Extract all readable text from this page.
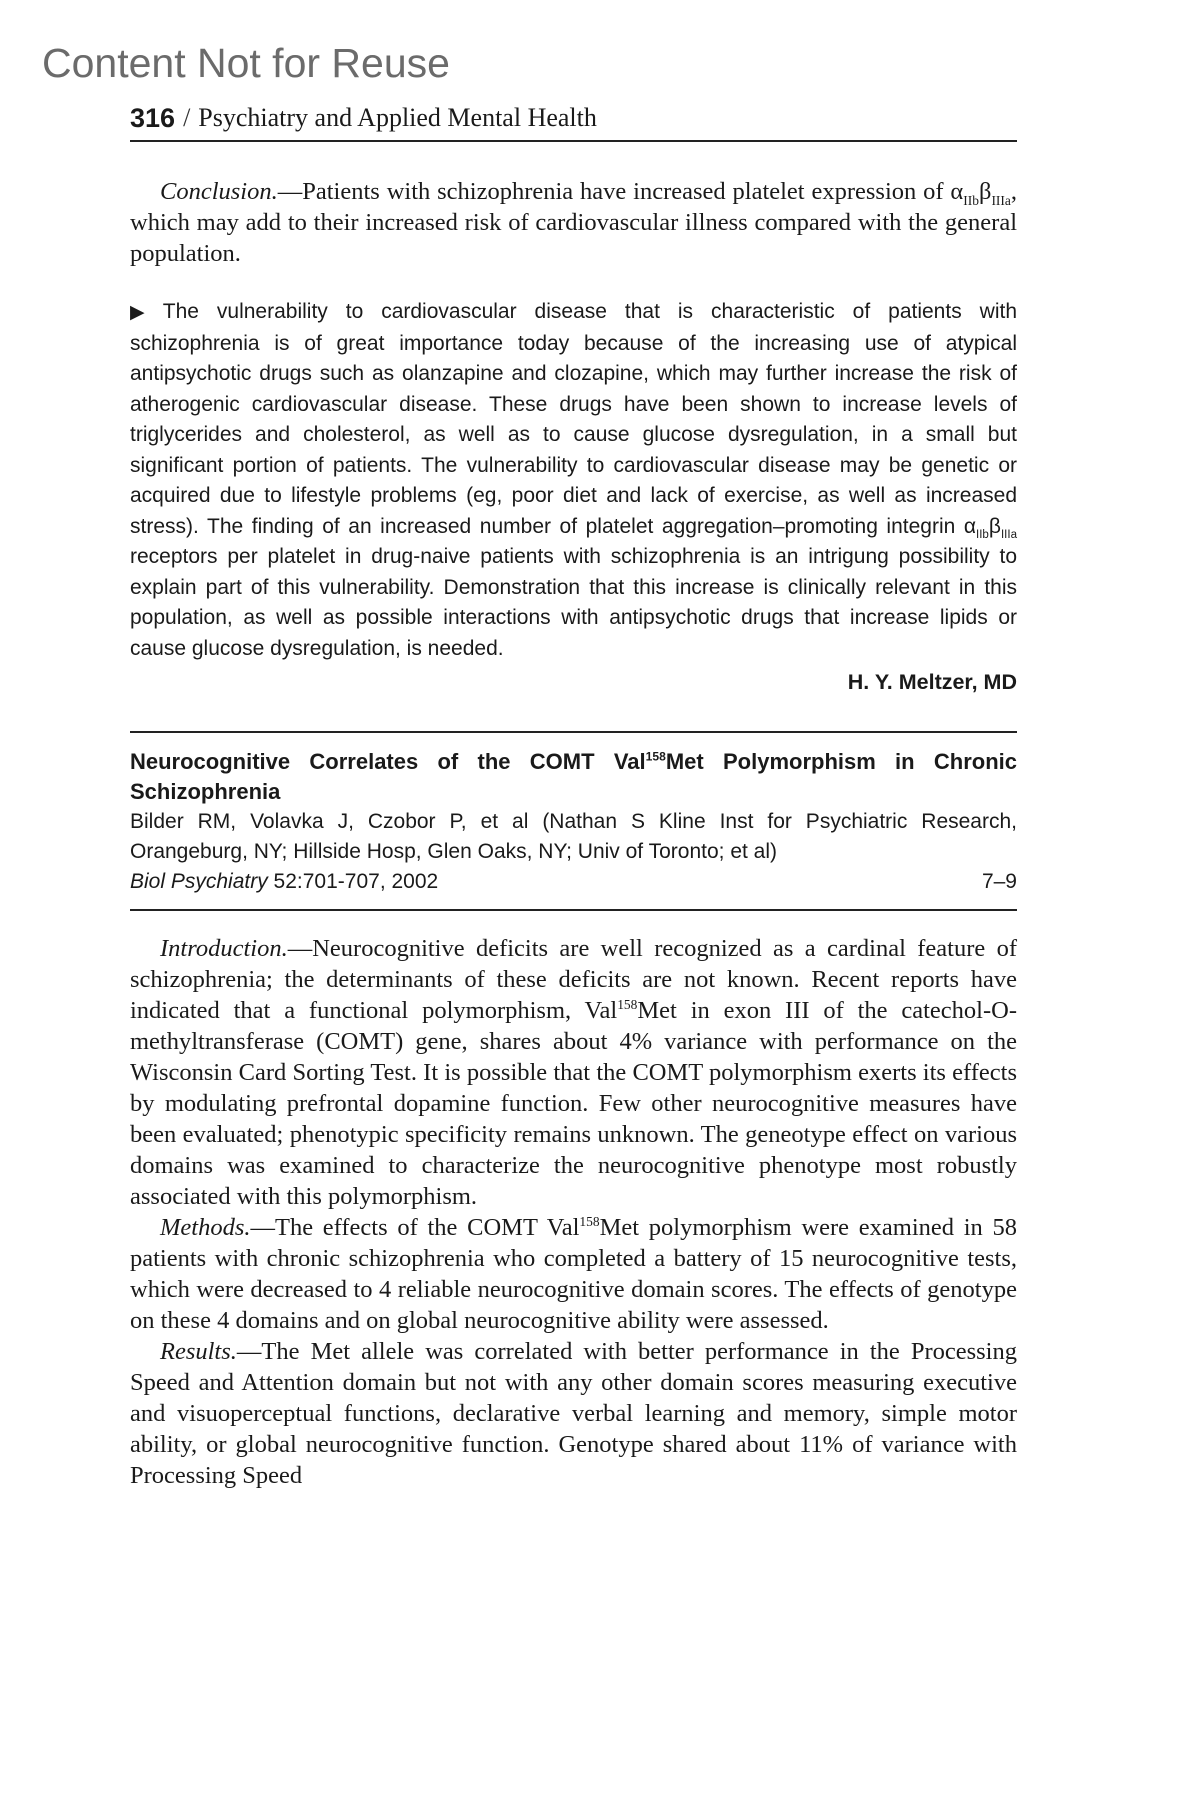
Content Not for Reuse
316 / Psychiatry and Applied Mental Health

Conclusion.—Patients with schizophrenia have increased platelet expression of $\alpha_{IIb}\beta_{IIIa}$, which may add to their increased risk of cardiovascular illness compared with the general population.

▶ The vulnerability to cardiovascular disease that is characteristic of patients with schizophrenia is of great importance today because of the increasing use of atypical antipsychotic drugs such as olanzapine and clozapine, which may further increase the risk of atherogenic cardiovascular disease. These drugs have been shown to increase levels of triglycerides and cholesterol, as well as to cause glucose dysregulation, in a small but significant portion of patients. The vulnerability to cardiovascular disease may be genetic or acquired due to lifestyle problems (eg, poor diet and lack of exercise, as well as increased stress). The finding of an increased number of platelet aggregation–promoting integrin $\alpha_{IIb}\beta_{IIIa}$ receptors per platelet in drug-naive patients with schizophrenia is an intrigung possibility to explain part of this vulnerability. Demonstration that this increase is clinically relevant in this population, as well as possible interactions with antipsychotic drugs that increase lipids or cause glucose dysregulation, is needed.

H. Y. Meltzer, MD
Neurocognitive Correlates of the COMT Val$^{158}$Met Polymorphism in Chronic Schizophrenia
Bilder RM, Volavka J, Czobor P, et al (Nathan S Kline Inst for Psychiatric Research, Orangeburg, NY; Hillside Hosp, Glen Oaks, NY; Univ of Toronto; et al)
Biol Psychiatry 52:701-707, 2002	7–9

Introduction.—Neurocognitive deficits are well recognized as a cardinal feature of schizophrenia; the determinants of these deficits are not known. Recent reports have indicated that a functional polymorphism, Val$^{158}$Met in exon III of the catechol-O-methyltransferase (COMT) gene, shares about 4% variance with performance on the Wisconsin Card Sorting Test. It is possible that the COMT polymorphism exerts its effects by modulating prefrontal dopamine function. Few other neurocognitive measures have been evaluated; phenotypic specificity remains unknown. The geneotype effect on various domains was examined to characterize the neurocognitive phenotype most robustly associated with this polymorphism.

Methods.—The effects of the COMT Val$^{158}$Met polymorphism were examined in 58 patients with chronic schizophrenia who completed a battery of 15 neurocognitive tests, which were decreased to 4 reliable neurocognitive domain scores. The effects of genotype on these 4 domains and on global neurocognitive ability were assessed.

Results.—The Met allele was correlated with better performance in the Processing Speed and Attention domain but not with any other domain scores measuring executive and visuoperceptual functions, declarative verbal learning and memory, simple motor ability, or global neurocognitive function. Genotype shared about 11% of variance with Processing Speed
